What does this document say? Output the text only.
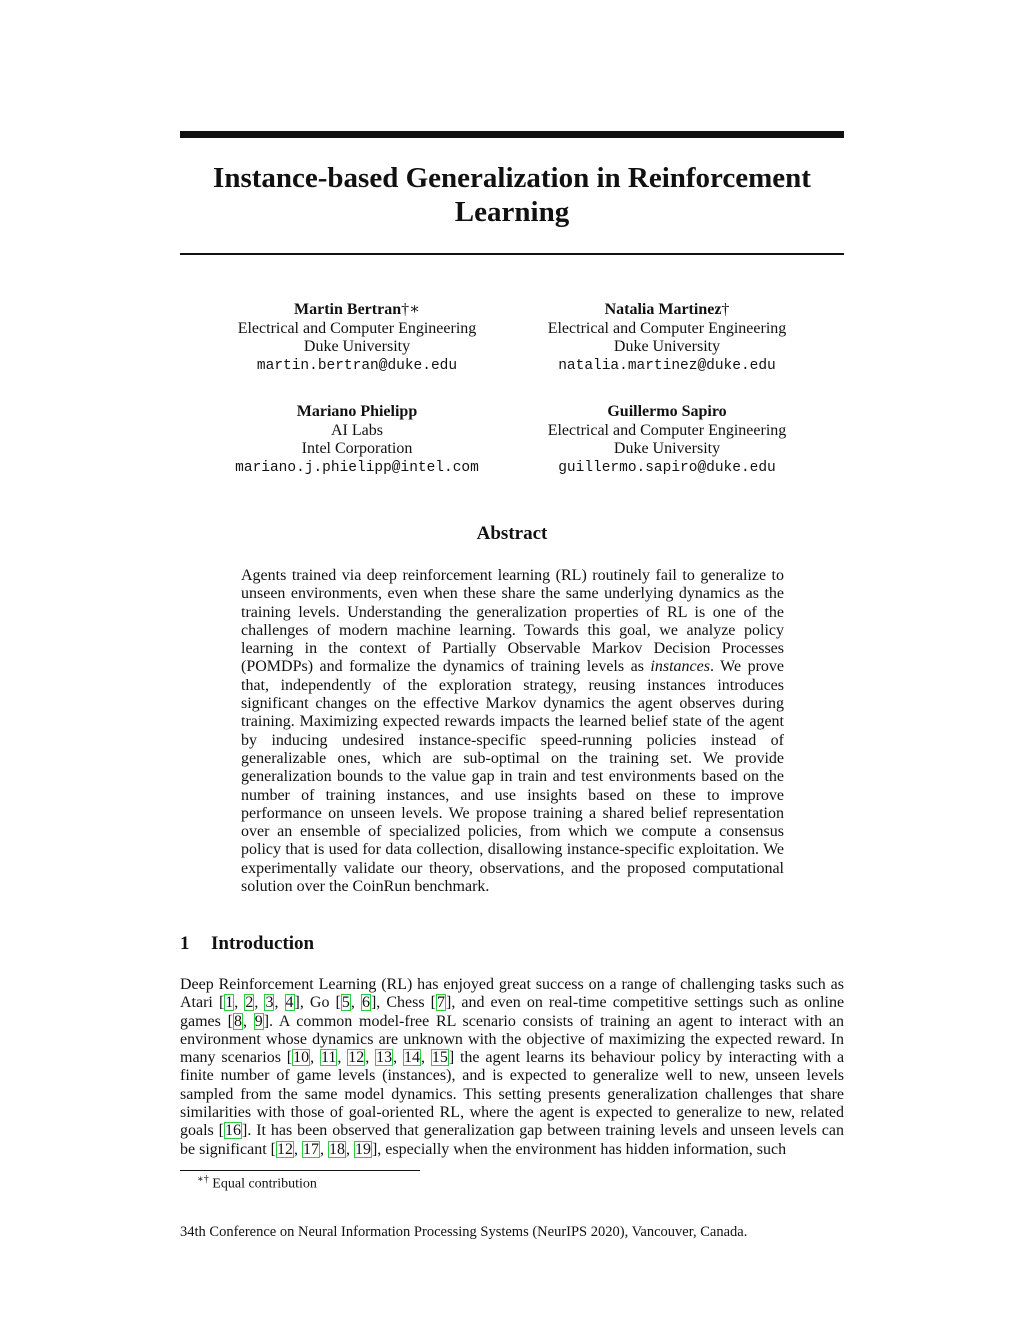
Instance-based Generalization in Reinforcement Learning
Martin Bertran†∗
Electrical and Computer Engineering
Duke University
martin.bertran@duke.edu
Natalia Martinez†
Electrical and Computer Engineering
Duke University
natalia.martinez@duke.edu
Mariano Phielipp
AI Labs
Intel Corporation
mariano.j.phielipp@intel.com
Guillermo Sapiro
Electrical and Computer Engineering
Duke University
guillermo.sapiro@duke.edu
Abstract
Agents trained via deep reinforcement learning (RL) routinely fail to generalize to unseen environments, even when these share the same underlying dynamics as the training levels. Understanding the generalization properties of RL is one of the challenges of modern machine learning. Towards this goal, we analyze policy learning in the context of Partially Observable Markov Decision Processes (POMDPs) and formalize the dynamics of training levels as instances. We prove that, independently of the exploration strategy, reusing instances introduces significant changes on the effective Markov dynamics the agent observes during training. Maximizing expected rewards impacts the learned belief state of the agent by inducing undesired instance-specific speed-running policies instead of generalizable ones, which are sub-optimal on the training set. We provide generalization bounds to the value gap in train and test environments based on the number of training instances, and use insights based on these to improve performance on unseen levels. We propose training a shared belief representation over an ensemble of specialized policies, from which we compute a consensus policy that is used for data collection, disallowing instance-specific exploitation. We experimentally validate our theory, observations, and the proposed computational solution over the CoinRun benchmark.
1 Introduction
Deep Reinforcement Learning (RL) has enjoyed great success on a range of challenging tasks such as Atari [1, 2, 3, 4], Go [5, 6], Chess [7], and even on real-time competitive settings such as online games [8, 9]. A common model-free RL scenario consists of training an agent to interact with an environment whose dynamics are unknown with the objective of maximizing the expected reward. In many scenarios [10, 11, 12, 13, 14, 15] the agent learns its behaviour policy by interacting with a finite number of game levels (instances), and is expected to generalize well to new, unseen levels sampled from the same model dynamics. This setting presents generalization challenges that share similarities with those of goal-oriented RL, where the agent is expected to generalize to new, related goals [16]. It has been observed that generalization gap between training levels and unseen levels can be significant [12, 17, 18, 19], especially when the environment has hidden information, such
∗† Equal contribution
34th Conference on Neural Information Processing Systems (NeurIPS 2020), Vancouver, Canada.
